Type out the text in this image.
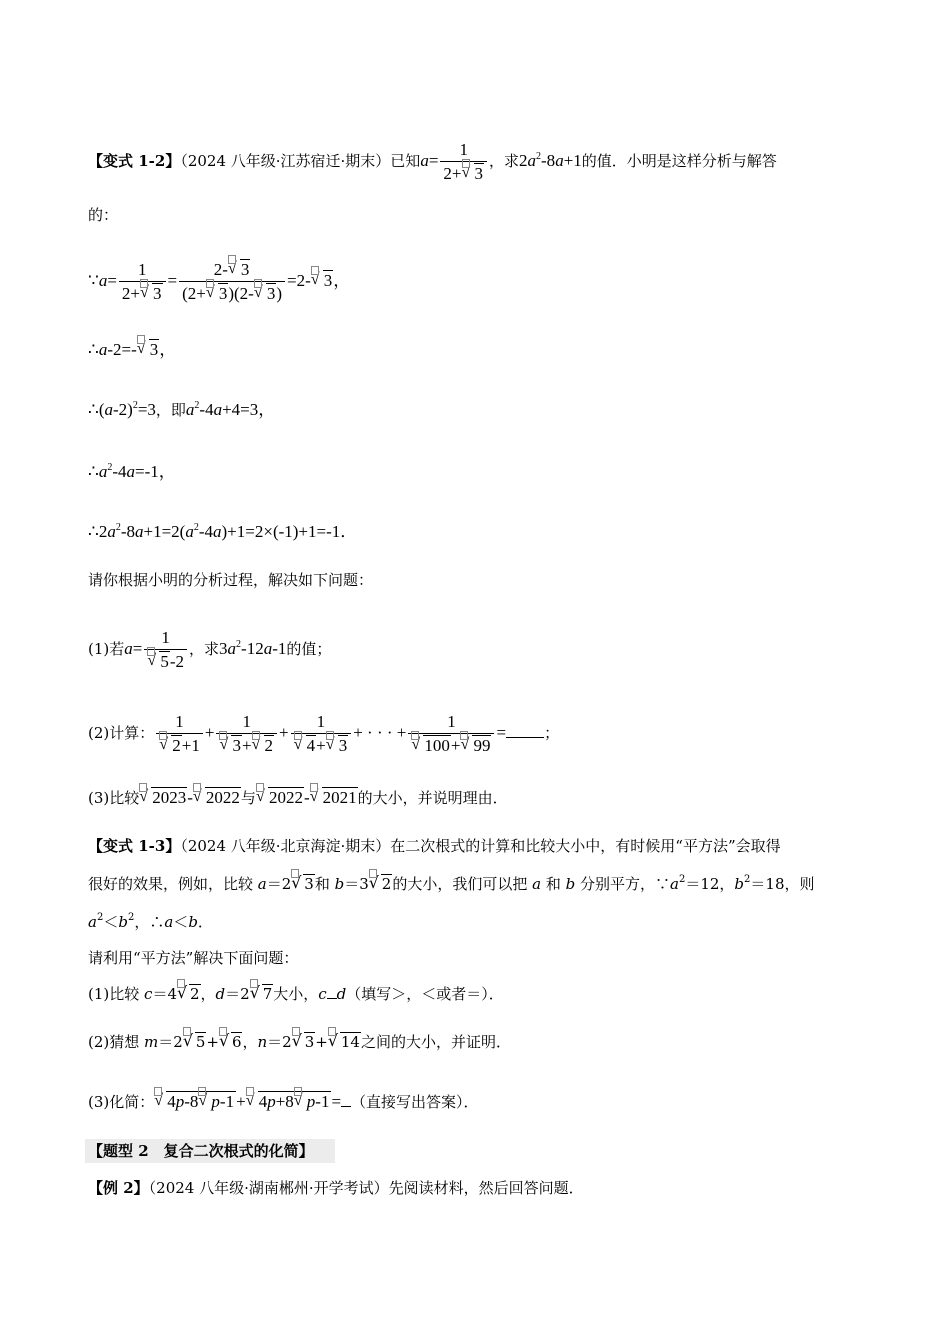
【变式 1-2】（2024 八年级·江苏宿迁·期末）已知a= 1
2+
√ 3 ，求$2a^2-8a+1$的值．小明是这样分析与解答
的：
∵a= 1
2+
√ 3 = 2-
√ 3
(2+
√ 3)(2-
√ 3) =2-
√ 3，
∴a-2=-
√ 3，
$\therefore(a-2)^2=3$，即$a^2-4a+4=3$，
$\therefore a^2-4a=-1$，
$\therefore 2a^2-8a+1=2(a^2-4a)+1=2\times(-1)+1=-1$．
请你根据小明的分析过程，解决如下问题：
(1)若a= 1
√ 5-2 ，求$3a^2-12a-1$的值；
(2)计算： 1
√ 2+1 + 1
√ 3+
√ 2 + 1
√ 4+
√ 3 + · · · + 1
√ 100+
√ 99 =	；
(3)比较
√ 2023-
√ 2022与
√ 2022-
√ 2021的大小，并说明理由．
【变式 1-3】（2024 八年级·北京海淀·期末）在二次根式的计算和比较大小中，有时候用“平方法”会取得
很好的效果，例如，比较 a＝2
√ 3和 b＝3
√ 2的大小，我们可以把 a 和 b 分别平方，$\because a^2=12$，$b^2=18$，则
$a^2<b^2$，∴a＜b．
请利用“平方法”解决下面问题：
(1)比较 c＝4
√ 2，d＝2
√ 7大小，c d（填写＞，＜或者＝）．
(2)猜想 m＝2
√ 5+
√ 6，n＝2
√ 3+
√ 14之间的大小，并证明．
(3)化简：
√ 4p-8
√ p-1 +
√ 4p+8
√ p-1 = （直接写出答案）．
【题型 2　复合二次根式的化简】
【例 2】（2024 八年级·湖南郴州·开学考试）先阅读材料，然后回答问题．
